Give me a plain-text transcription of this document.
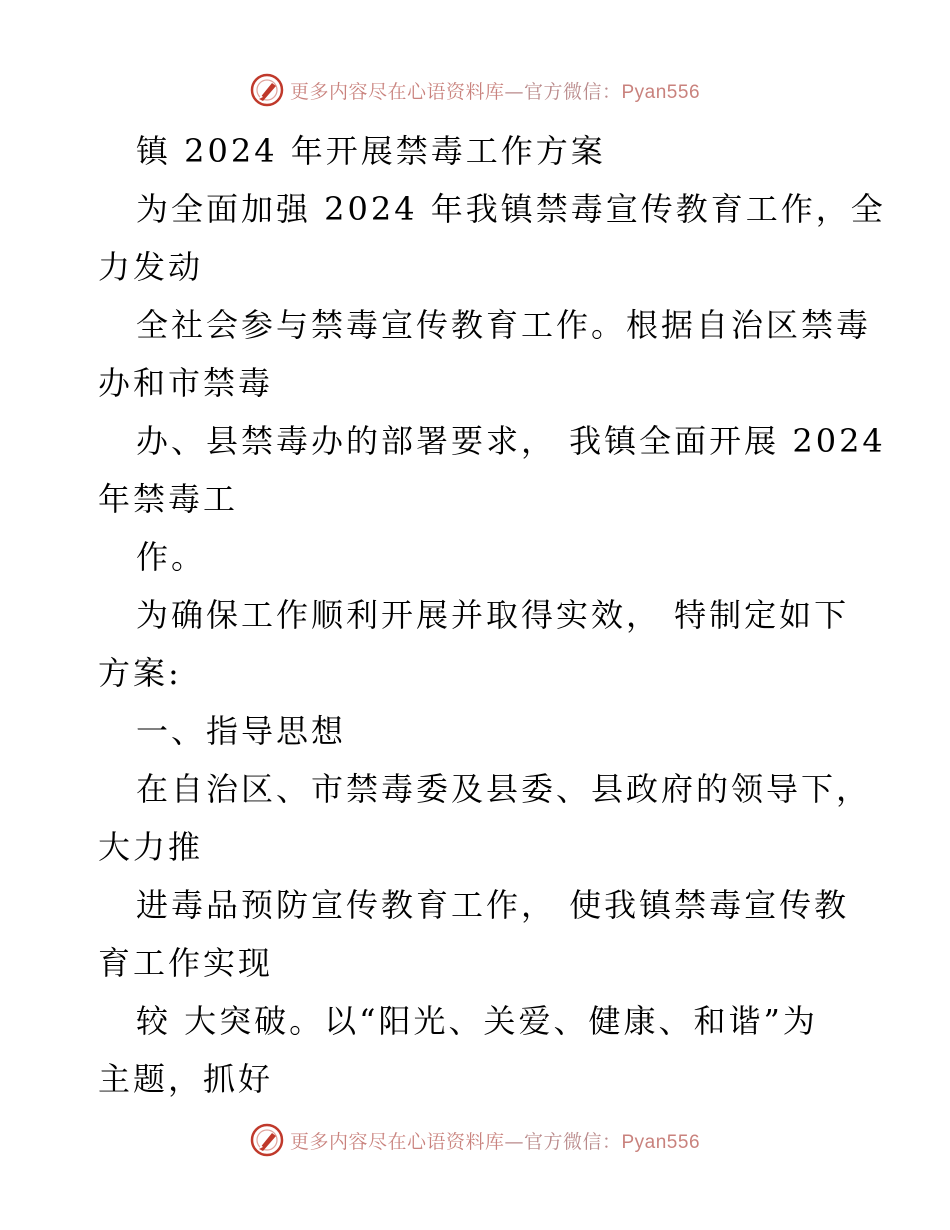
更多内容尽在心语资料库—官方微信：Pyan556
镇 2024 年开展禁毒工作方案
为全面加强 2024 年我镇禁毒宣传教育工作，全
力发动
全社会参与禁毒宣传教育工作。根据自治区禁毒
办和市禁毒
办、县禁毒办的部署要求， 我镇全面开展 2024
年禁毒工
作。
为确保工作顺利开展并取得实效， 特制定如下
方案:
一、指导思想
在自治区、市禁毒委及县委、县政府的领导下，
大力推
进毒品预防宣传教育工作， 使我镇禁毒宣传教
育工作实现
较 大突破。以“阳光、关爱、健康、和谐”为
主题，抓好
更多内容尽在心语资料库—官方微信：Pyan556
